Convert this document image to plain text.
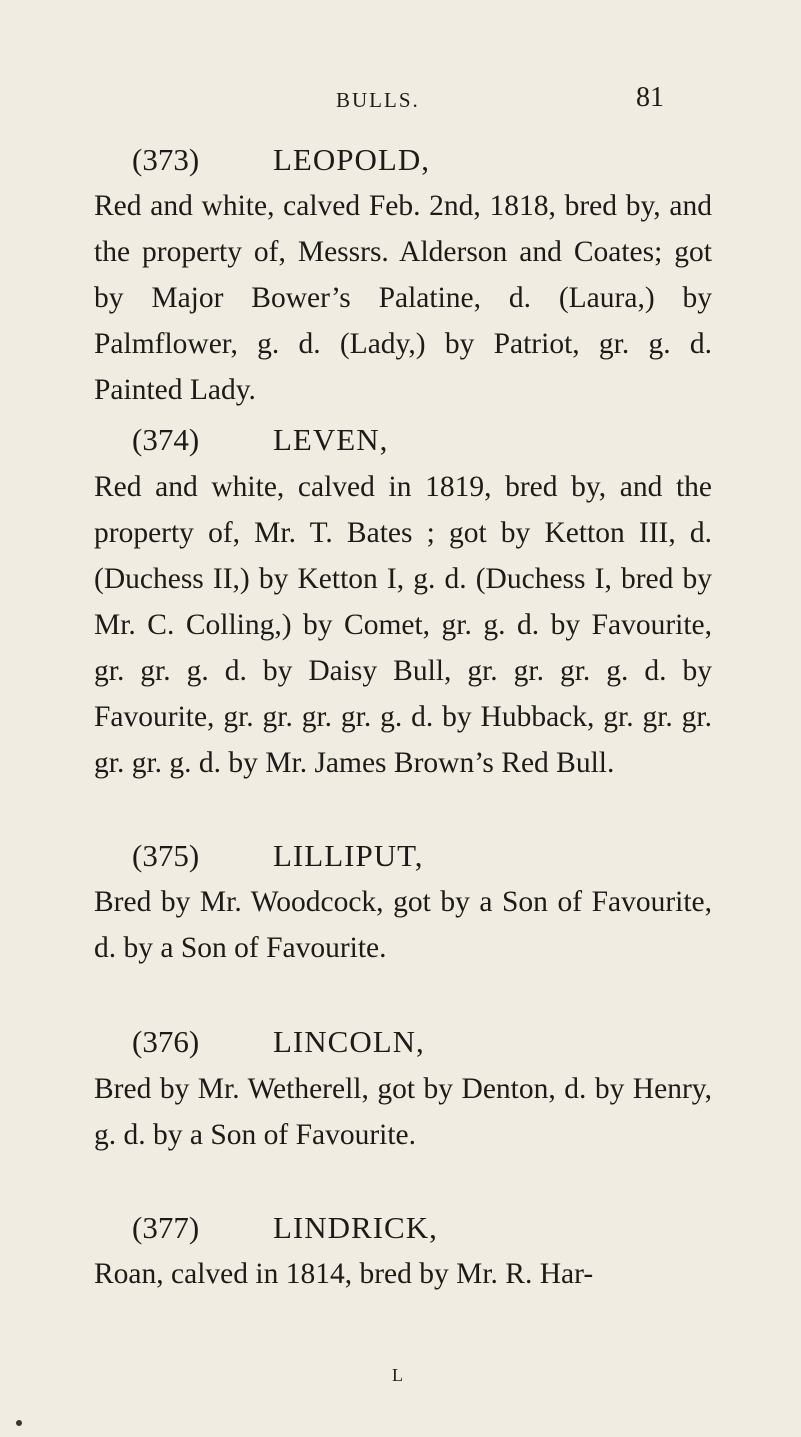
BULLS.	81
(373) LEOPOLD,

Red and white, calved Feb. 2nd, 1818, bred by, and the property of, Messrs. Alderson and Coates; got by Major Bower’s Palatine, d. (Laura,) by Palmflower, g. d. (Lady,) by Patriot, gr. g. d. Painted Lady.

(374) LEVEN,

Red and white, calved in 1819, bred by, and the property of, Mr. T. Bates ; got by Ketton III, d. (Duchess II,) by Ketton I, g. d. (Duchess I, bred by Mr. C. Colling,) by Comet, gr. g. d. by Favourite, gr. gr. g. d. by Daisy Bull, gr. gr. gr. g. d. by Favourite, gr. gr. gr. gr. g. d. by Hubback, gr. gr. gr. gr. gr. g. d. by Mr. James Brown’s Red Bull.

(375) LILLIPUT,

Bred by Mr. Woodcock, got by a Son of Favourite, d. by a Son of Favourite.

(376) LINCOLN,

Bred by Mr. Wetherell, got by Denton, d. by Henry, g. d. by a Son of Favourite.

(377) LINDRICK,

Roan, calved in 1814, bred by Mr. R. Har-

L
